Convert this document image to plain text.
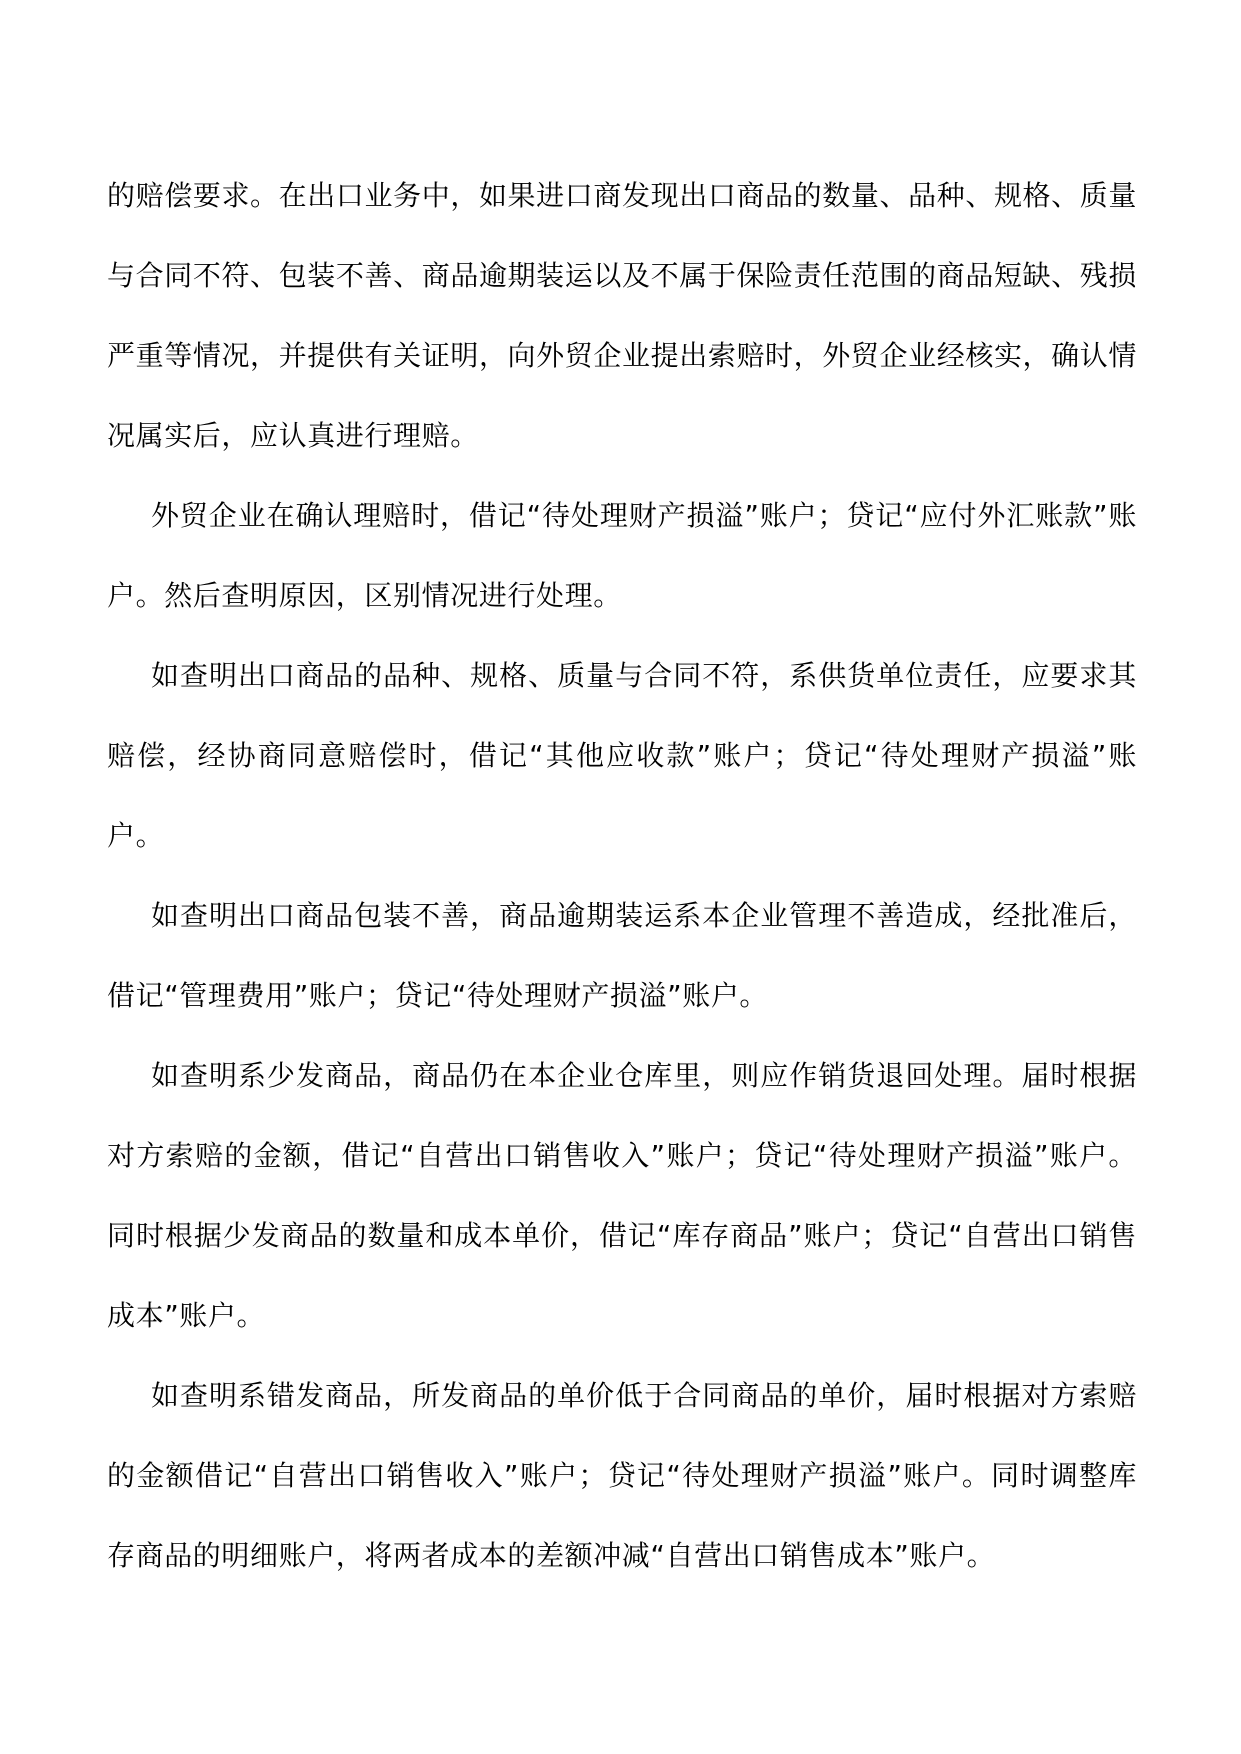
的赔偿要求。在出口业务中，如果进口商发现出口商品的数量、品种、规格、质量与合同不符、包装不善、商品逾期装运以及不属于保险责任范围的商品短缺、残损严重等情况，并提供有关证明，向外贸企业提出索赔时，外贸企业经核实，确认情况属实后，应认真进行理赔。

外贸企业在确认理赔时，借记“待处理财产损溢”账户；贷记“应付外汇账款”账户。然后查明原因，区别情况进行处理。

如查明出口商品的品种、规格、质量与合同不符，系供货单位责任，应要求其赔偿，经协商同意赔偿时，借记“其他应收款”账户；贷记“待处理财产损溢”账户。

如查明出口商品包装不善，商品逾期装运系本企业管理不善造成，经批准后，借记“管理费用”账户；贷记“待处理财产损溢”账户。

如查明系少发商品，商品仍在本企业仓库里，则应作销货退回处理。届时根据对方索赔的金额，借记“自营出口销售收入”账户；贷记“待处理财产损溢”账户。同时根据少发商品的数量和成本单价，借记“库存商品”账户；贷记“自营出口销售成本”账户。

如查明系错发商品，所发商品的单价低于合同商品的单价，届时根据对方索赔的金额借记“自营出口销售收入”账户；贷记“待处理财产损溢”账户。同时调整库存商品的明细账户，将两者成本的差额冲减“自营出口销售成本”账户。
